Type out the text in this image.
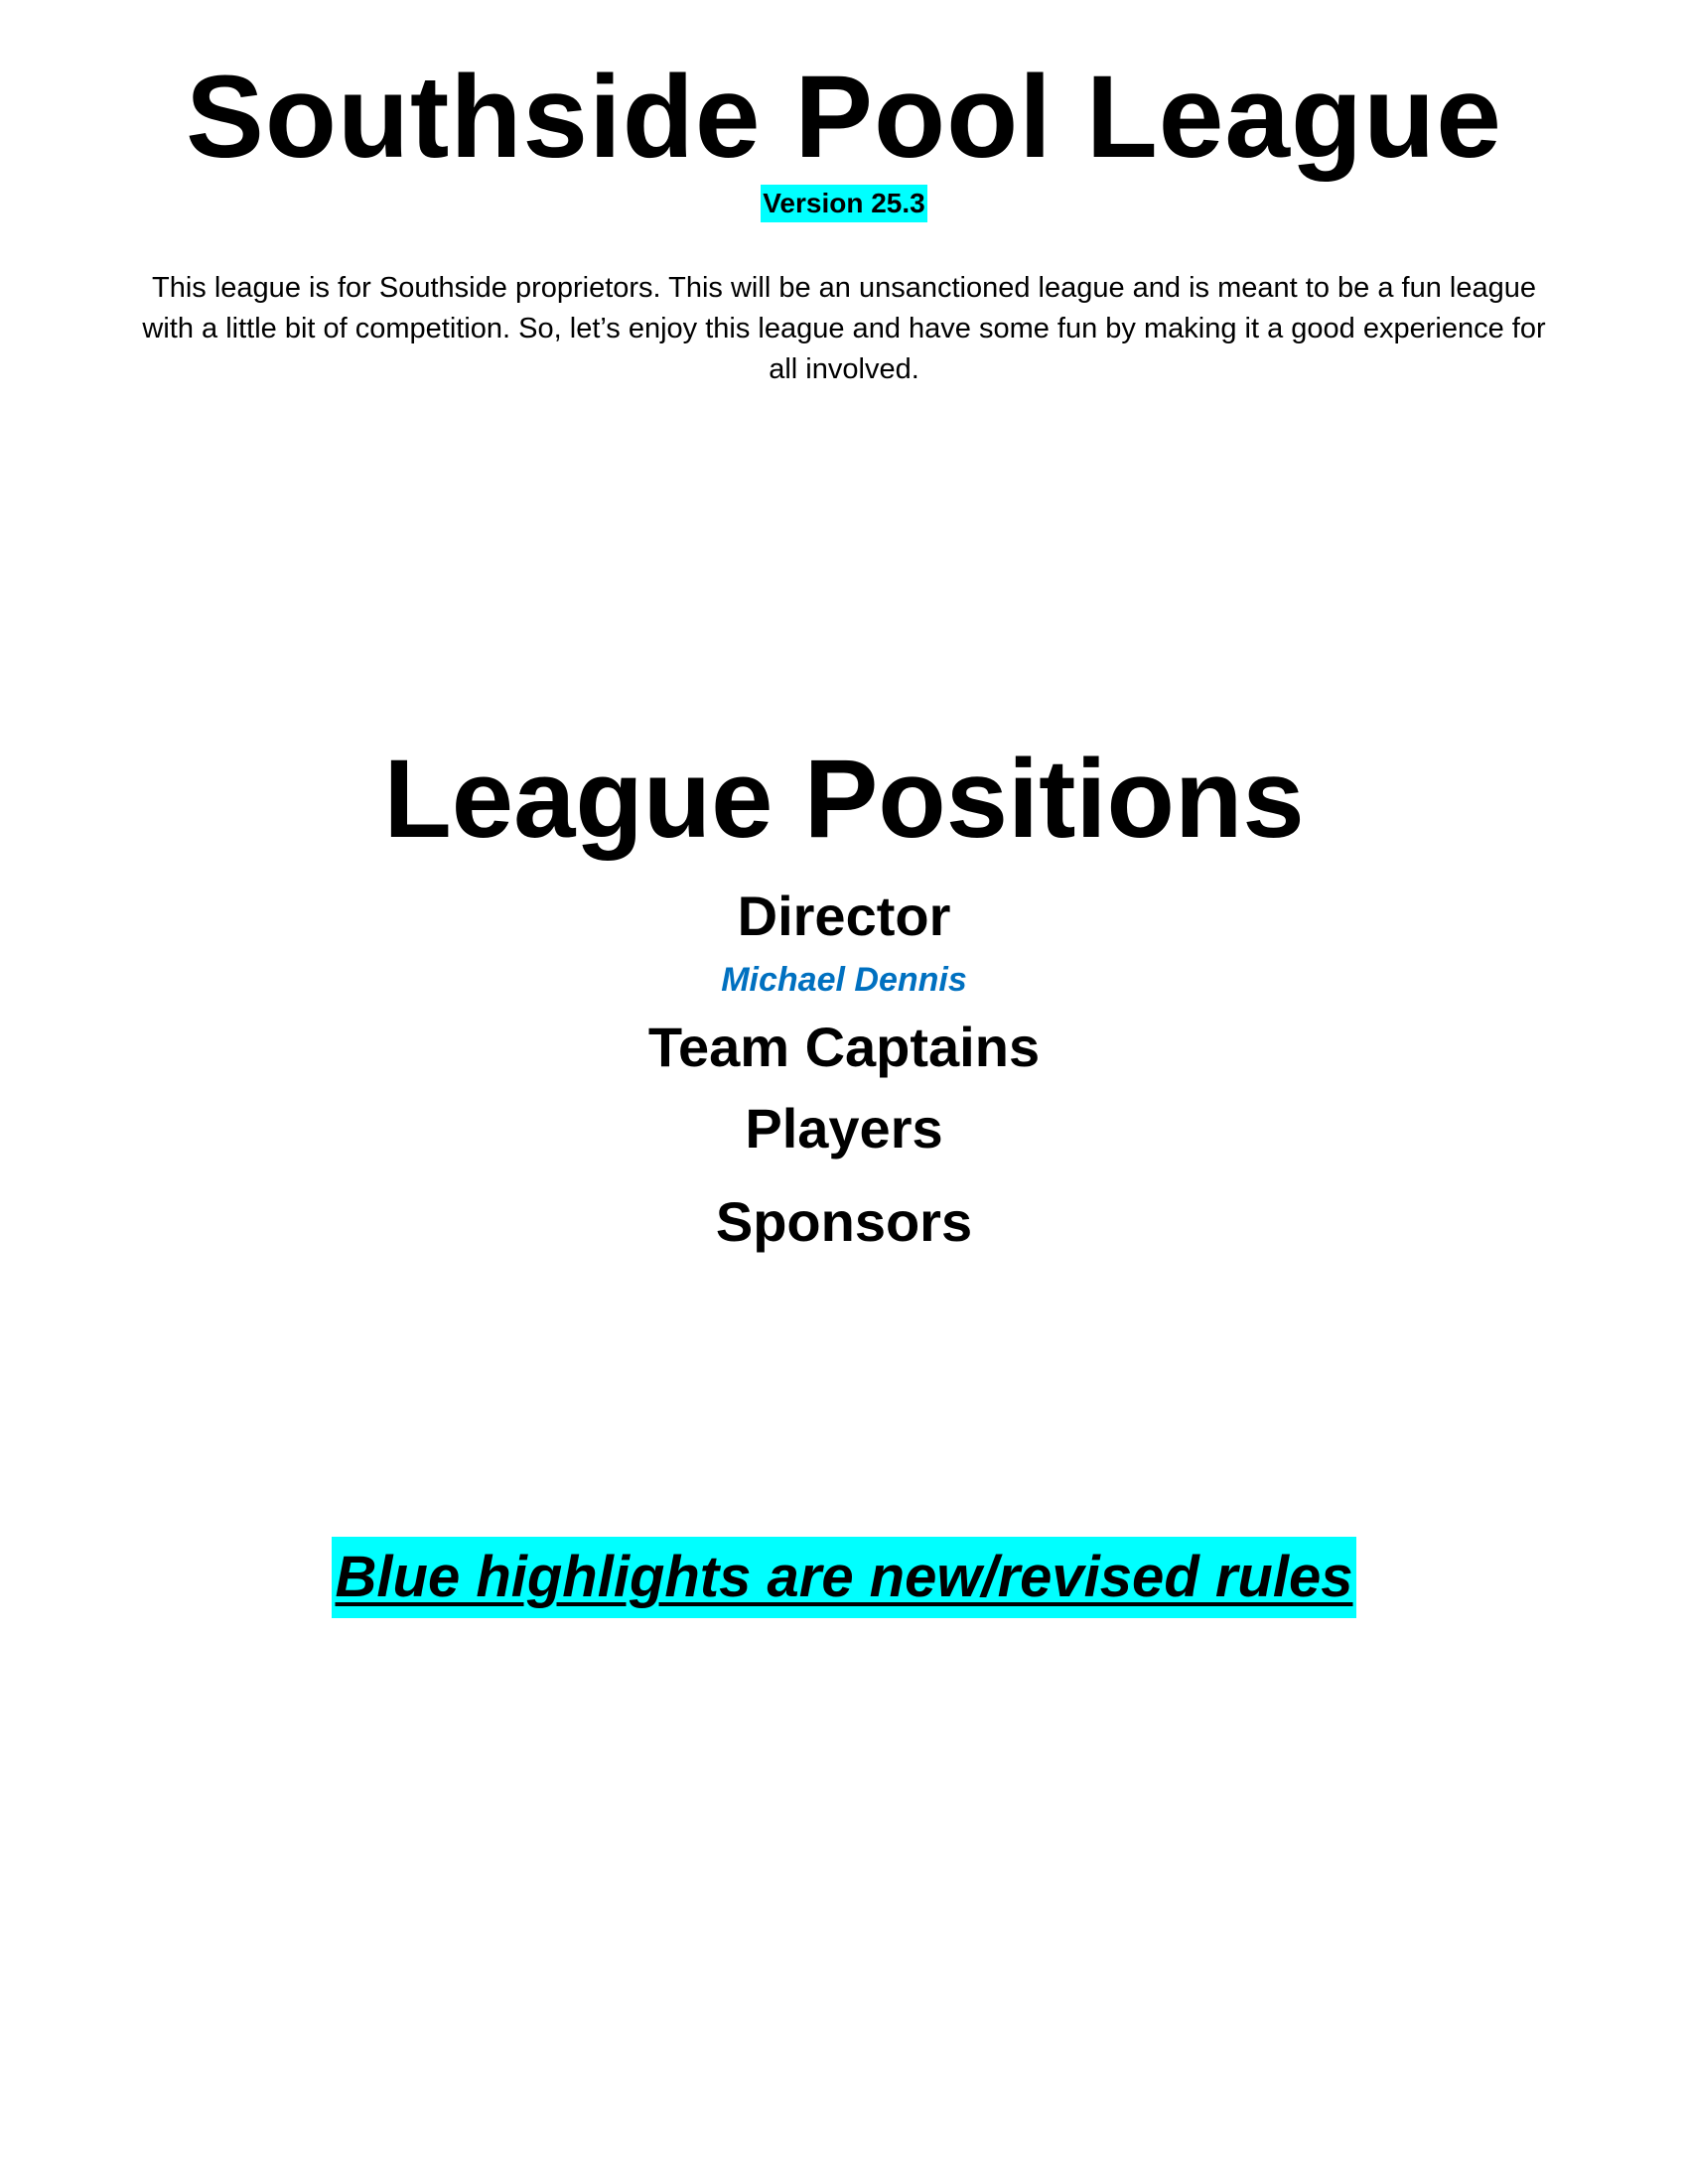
Southside Pool League
Version 25.3
This league is for Southside proprietors. This will be an unsanctioned league and is meant to be a fun league with a little bit of competition. So, let’s enjoy this league and have some fun by making it a good experience for all involved.
League Positions
Director
Michael Dennis
Team Captains
Players
Sponsors
Blue highlights are new/revised rules
